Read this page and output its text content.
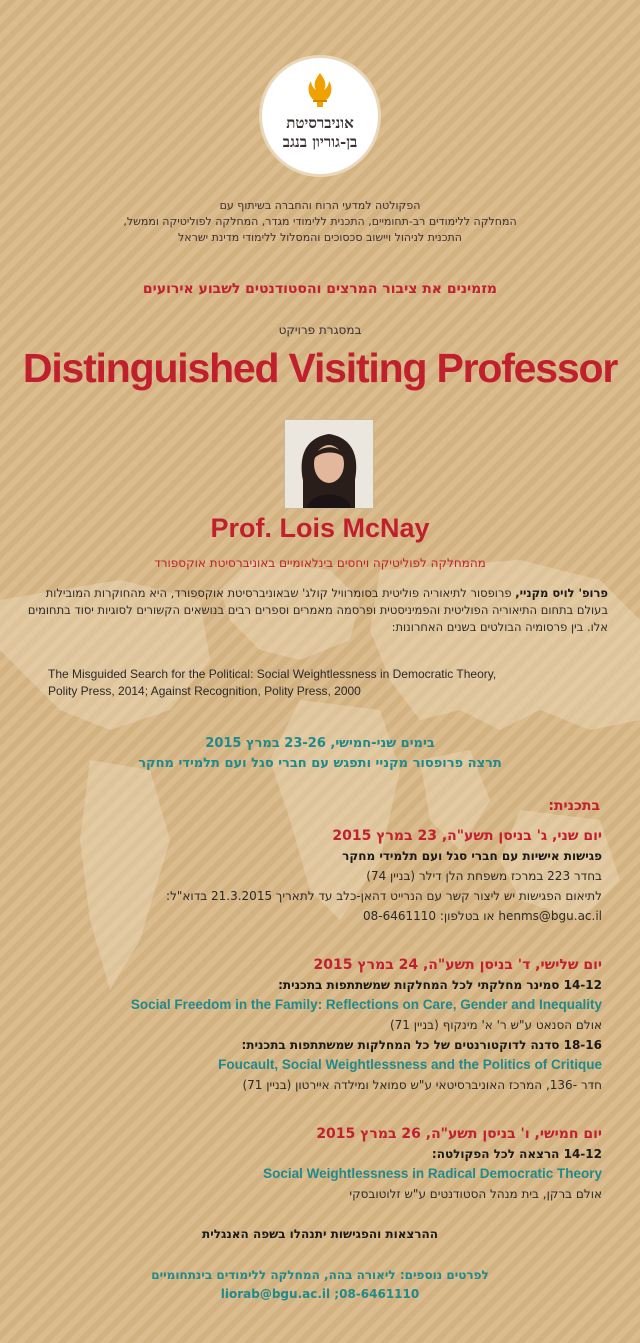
אוניברסיטת
בן-גוריון בנגב
הפקולטה למדעי הרוח והחברה בשיתוף עם
המחלקה ללימודים רב-תחומיים, התכנית ללימודי מגדר, המחלקה לפוליטיקה וממשל,
התכנית לניהול ויישוב סכסוכים והמסלול ללימודי מדינת ישראל
מזמינים את ציבור המרצים והסטודנטים לשבוע אירועים
במסגרת פרויקט
Distinguished Visiting Professor
Prof. Lois McNay
מהמחלקה לפוליטיקה ויחסים בינלאומיים באוניברסיטת אוקספורד
פרופ' לויס מקניי, פרופסור לתיאוריה פוליטית בסומרוויל קולג' שבאוניברסיטת אוקספורד, היא מהחוקרות המובילות בעולם בתחום התיאוריה הפוליטית והפמיניסטית ופרסמה מאמרים וספרים רבים בנושאים הקשורים לסוגיות יסוד בתחומים אלו. בין פרסומיה הבולטים בשנים האחרונות:
The Misguided Search for the Political: Social Weightlessness in Democratic Theory,
Polity Press, 2014; Against Recognition, Polity Press, 2000
בימים שני-חמישי, 23-26 במרץ 2015
תרצה פרופסור מקניי ותפגש עם חברי סגל ועם תלמידי מחקר
בתכנית:
יום שני, ג' בניסן תשע"ה, 23 במרץ 2015
פגישות אישיות עם חברי סגל ועם תלמידי מחקר
בחדר 223 במרכז משפחת הלן דילר (בניין 74)
לתיאום הפגישות יש ליצור קשר עם הנרייט דהאן-כלב עד לתאריך 21.3.2015 בדוא"ל:
henms@bgu.ac.il או בטלפון: 08-6461110
יום שלישי, ד' בניסן תשע"ה, 24 במרץ 2015
14-12 סמינר מחלקתי לכל המחלקות שמשתתפות בתכנית:
Social Freedom in the Family: Reflections on Care, Gender and Inequality
אולם הסנאט ע"ש ר' א' מינקוף (בניין 71)
18-16 סדנה לדוקטורנטים של כל המחלקות שמשתתפות בתכנית:
Foucault, Social Weightlessness and the Politics of Critique
חדר -136, המרכז האוניברסיטאי ע"ש סמואל ומילדה איירטון (בניין 71)
יום חמישי, ו' בניסן תשע"ה, 26 במרץ 2015
14-12 הרצאה לכל הפקולטה:
Social Weightlessness in Radical Democratic Theory
אולם ברקן, בית מנהל הסטודנטים ע"ש זלוטובסקי
ההרצאות והפגישות יתנהלו בשפה האנגלית
לפרטים נוספים: ליאורה בהה, המחלקה ללימודים בינתחומיים
liorab@bgu.ac.il ;08-6461110
